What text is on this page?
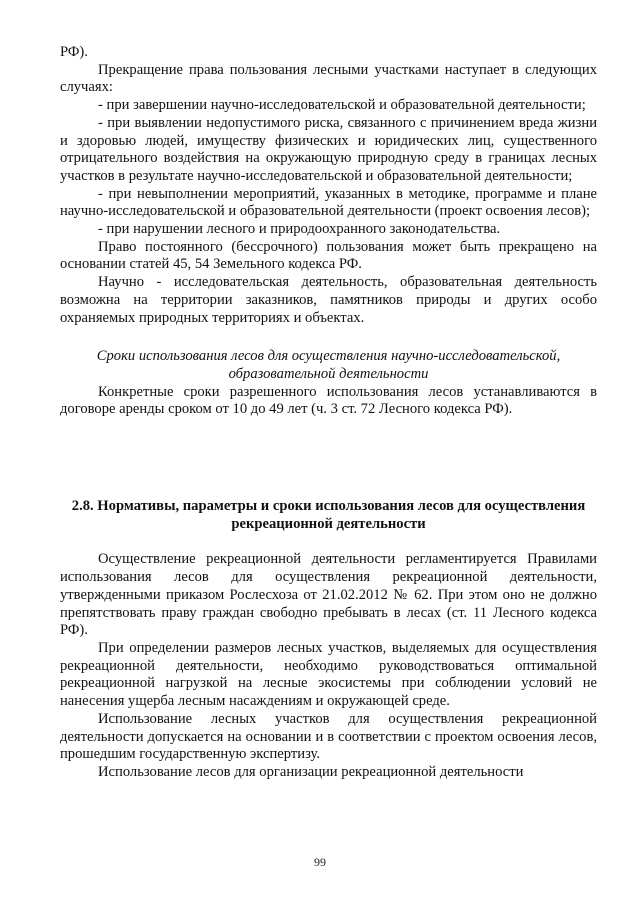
РФ).

Прекращение права пользования лесными участками наступает в следующих случаях:

- при завершении научно-исследовательской и образовательной деятельности;

- при выявлении недопустимого риска, связанного с причинением вреда жизни и здоровью людей, имуществу физических и юридических лиц, существенного отрицательного воздействия на окружающую природную среду в границах лесных участков в результате научно-исследовательской и образовательной деятельности;

- при невыполнении мероприятий, указанных в методике, программе и плане научно-исследовательской и образовательной деятельности (проект освоения лесов);

- при нарушении лесного и природоохранного законодательства.

Право постоянного (бессрочного) пользования может быть прекращено на основании статей 45, 54 Земельного кодекса РФ.

Научно - исследовательская деятельность, образовательная деятельность возможна на территории заказников, памятников природы и других особо охраняемых природных территориях и объектах.

Сроки использования лесов для осуществления научно-исследовательской, образовательной деятельности

Конкретные сроки разрешенного использования лесов устанавливаются в договоре аренды сроком от 10 до 49 лет (ч. 3 ст. 72 Лесного кодекса РФ).

2.8. Нормативы, параметры и сроки использования лесов для осуществления рекреационной деятельности

Осуществление рекреационной деятельности регламентируется Правилами использования лесов для осуществления рекреационной деятельности, утвержденными приказом Рослесхоза от 21.02.2012 № 62. При этом оно не должно препятствовать праву граждан свободно пребывать в лесах (ст. 11 Лесного кодекса РФ).

При определении размеров лесных участков, выделяемых для осуществления рекреационной деятельности, необходимо руководствоваться оптимальной рекреационной нагрузкой на лесные экосистемы при соблюдении условий не нанесения ущерба лесным насаждениям и окружающей среде.

Использование лесных участков для осуществления рекреационной деятельности допускается на основании и в соответствии с проектом освоения лесов, прошедшим государственную экспертизу.

Использование лесов для организации рекреационной деятельности

99
